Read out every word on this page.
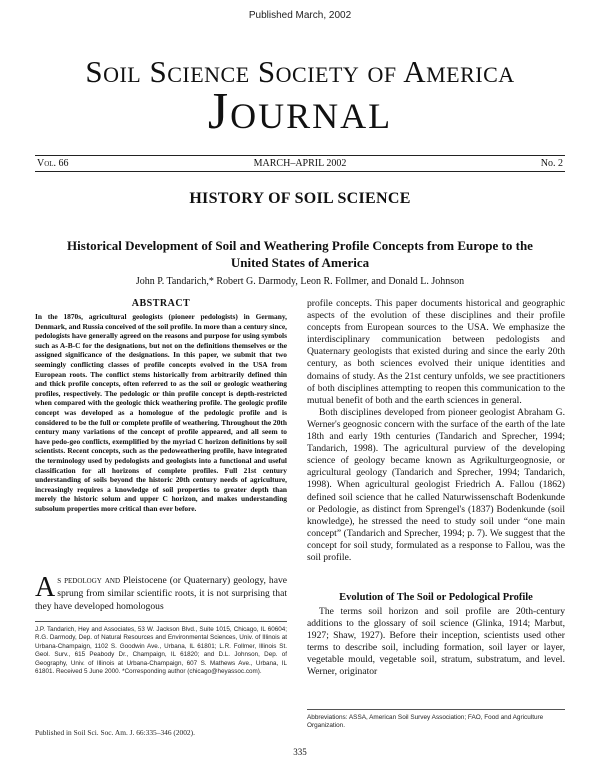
Published March, 2002
Soil Science Society of America
Journal
Vol. 66	MARCH–APRIL 2002	No. 2
HISTORY OF SOIL SCIENCE
Historical Development of Soil and Weathering Profile Concepts from Europe to the United States of America
John P. Tandarich,* Robert G. Darmody, Leon R. Follmer, and Donald L. Johnson
ABSTRACT

In the 1870s, agricultural geologists (pioneer pedologists) in Germany, Denmark, and Russia conceived of the soil profile. In more than a century since, pedologists have generally agreed on the reasons and purpose for using symbols such as A-B-C for the designations, but not on the definitions themselves or the assigned significance of the designations. In this paper, we submit that two seemingly conflicting classes of profile concepts evolved in the USA from European roots. The conflict stems historically from arbitrarily defined thin and thick profile concepts, often referred to as the soil or geologic weathering profiles, respectively. The pedologic or thin profile concept is depth-restricted when compared with the geologic thick weathering profile. The geologic profile concept was developed as a homologue of the pedologic profile and is considered to be the full or complete profile of weathering. Throughout the 20th century many variations of the concept of profile appeared, and all seem to have pedo-geo conflicts, exemplified by the myriad C horizon definitions by soil scientists. Recent concepts, such as the pedoweathering profile, have integrated the terminology used by pedologists and geologists into a functional and useful classification for all horizons of complete profiles. Full 21st century understanding of soils beyond the historic 20th century needs of agriculture, increasingly requires a knowledge of soil properties to greater depth than merely the historic solum and upper C horizon, and makes understanding subsolum properties more critical than ever before.

As pedology and Pleistocene (or Quaternary) geology, have sprung from similar scientific roots, it is not surprising that they have developed homologous

J.P. Tandarich, Hey and Associates, 53 W. Jackson Blvd., Suite 1015, Chicago, IL 60604; R.G. Darmody, Dep. of Natural Resources and Environmental Sciences, Univ. of Illinois at Urbana-Champaign, 1102 S. Goodwin Ave., Urbana, IL 61801; L.R. Follmer, Illinois St. Geol. Surv., 615 Peabody Dr., Champaign, IL 61820; and D.L. Johnson, Dep. of Geography, Univ. of Illinois at Urbana-Champaign, 607 S. Mathews Ave., Urbana, IL 61801. Received 5 June 2000. *Corresponding author (chicago@heyassoc.com).

Published in Soil Sci. Soc. Am. J. 66:335–346 (2002).

profile concepts. This paper documents historical and geographic aspects of the evolution of these disciplines and their profile concepts from European sources to the USA. We emphasize the interdisciplinary communication between pedologists and Quaternary geologists that existed during and since the early 20th century, as both sciences evolved their unique identities and domains of study. As the 21st century unfolds, we see practitioners of both disciplines attempting to reopen this communication to the mutual benefit of both and the earth sciences in general.

Both disciplines developed from pioneer geologist Abraham G. Werner's geognosic concern with the surface of the earth of the late 18th and early 19th centuries (Tandarich and Sprecher, 1994; Tandarich, 1998). The agricultural purview of the developing science of geology became known as Agrikulturgeognosie, or agricultural geology (Tandarich and Sprecher, 1994; Tandarich, 1998). When agricultural geologist Friedrich A. Fallou (1862) defined soil science that he called Naturwissenschaft Bodenkunde or Pedologie, as distinct from Sprengel's (1837) Bodenkunde (soil knowledge), he stressed the need to study soil under “one main concept” (Tandarich and Sprecher, 1994; p. 7). We suggest that the concept for soil study, formulated as a response to Fallou, was the soil profile.

Evolution of The Soil or Pedological Profile

The terms soil horizon and soil profile are 20th-century additions to the glossary of soil science (Glinka, 1914; Marbut, 1927; Shaw, 1927). Before their inception, scientists used other terms to describe soil, including formation, soil layer or layer, vegetable mould, vegetable soil, stratum, substratum, and level. Werner, originator

Abbreviations: ASSA, American Soil Survey Association; FAO, Food and Agriculture Organization.

335
